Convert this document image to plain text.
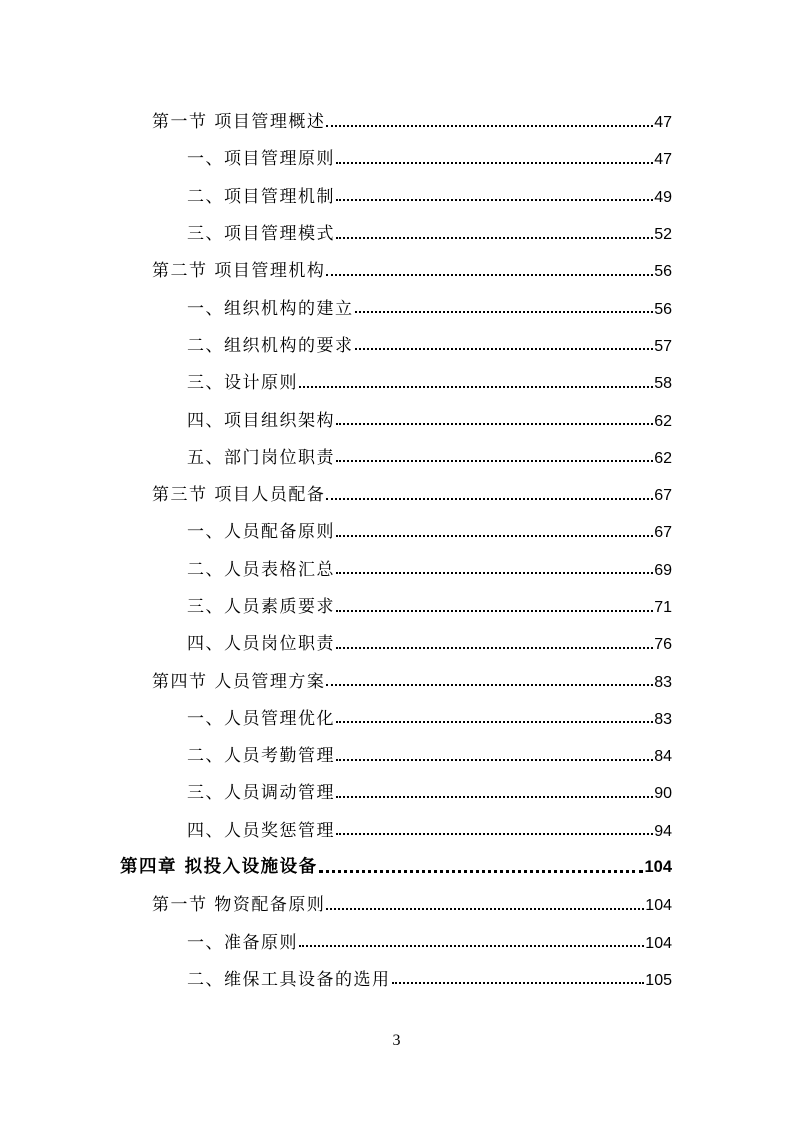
第一节 项目管理概述	47
一、项目管理原则	47
二、项目管理机制	49
三、项目管理模式	52
第二节 项目管理机构	56
一、组织机构的建立	56
二、组织机构的要求	57
三、设计原则	58
四、项目组织架构	62
五、部门岗位职责	62
第三节 项目人员配备	67
一、人员配备原则	67
二、人员表格汇总	69
三、人员素质要求	71
四、人员岗位职责	76
第四节 人员管理方案	83
一、人员管理优化	83
二、人员考勤管理	84
三、人员调动管理	90
四、人员奖惩管理	94
第四章 拟投入设施设备	104
第一节 物资配备原则	104
一、准备原则	104
二、维保工具设备的选用	105
3
